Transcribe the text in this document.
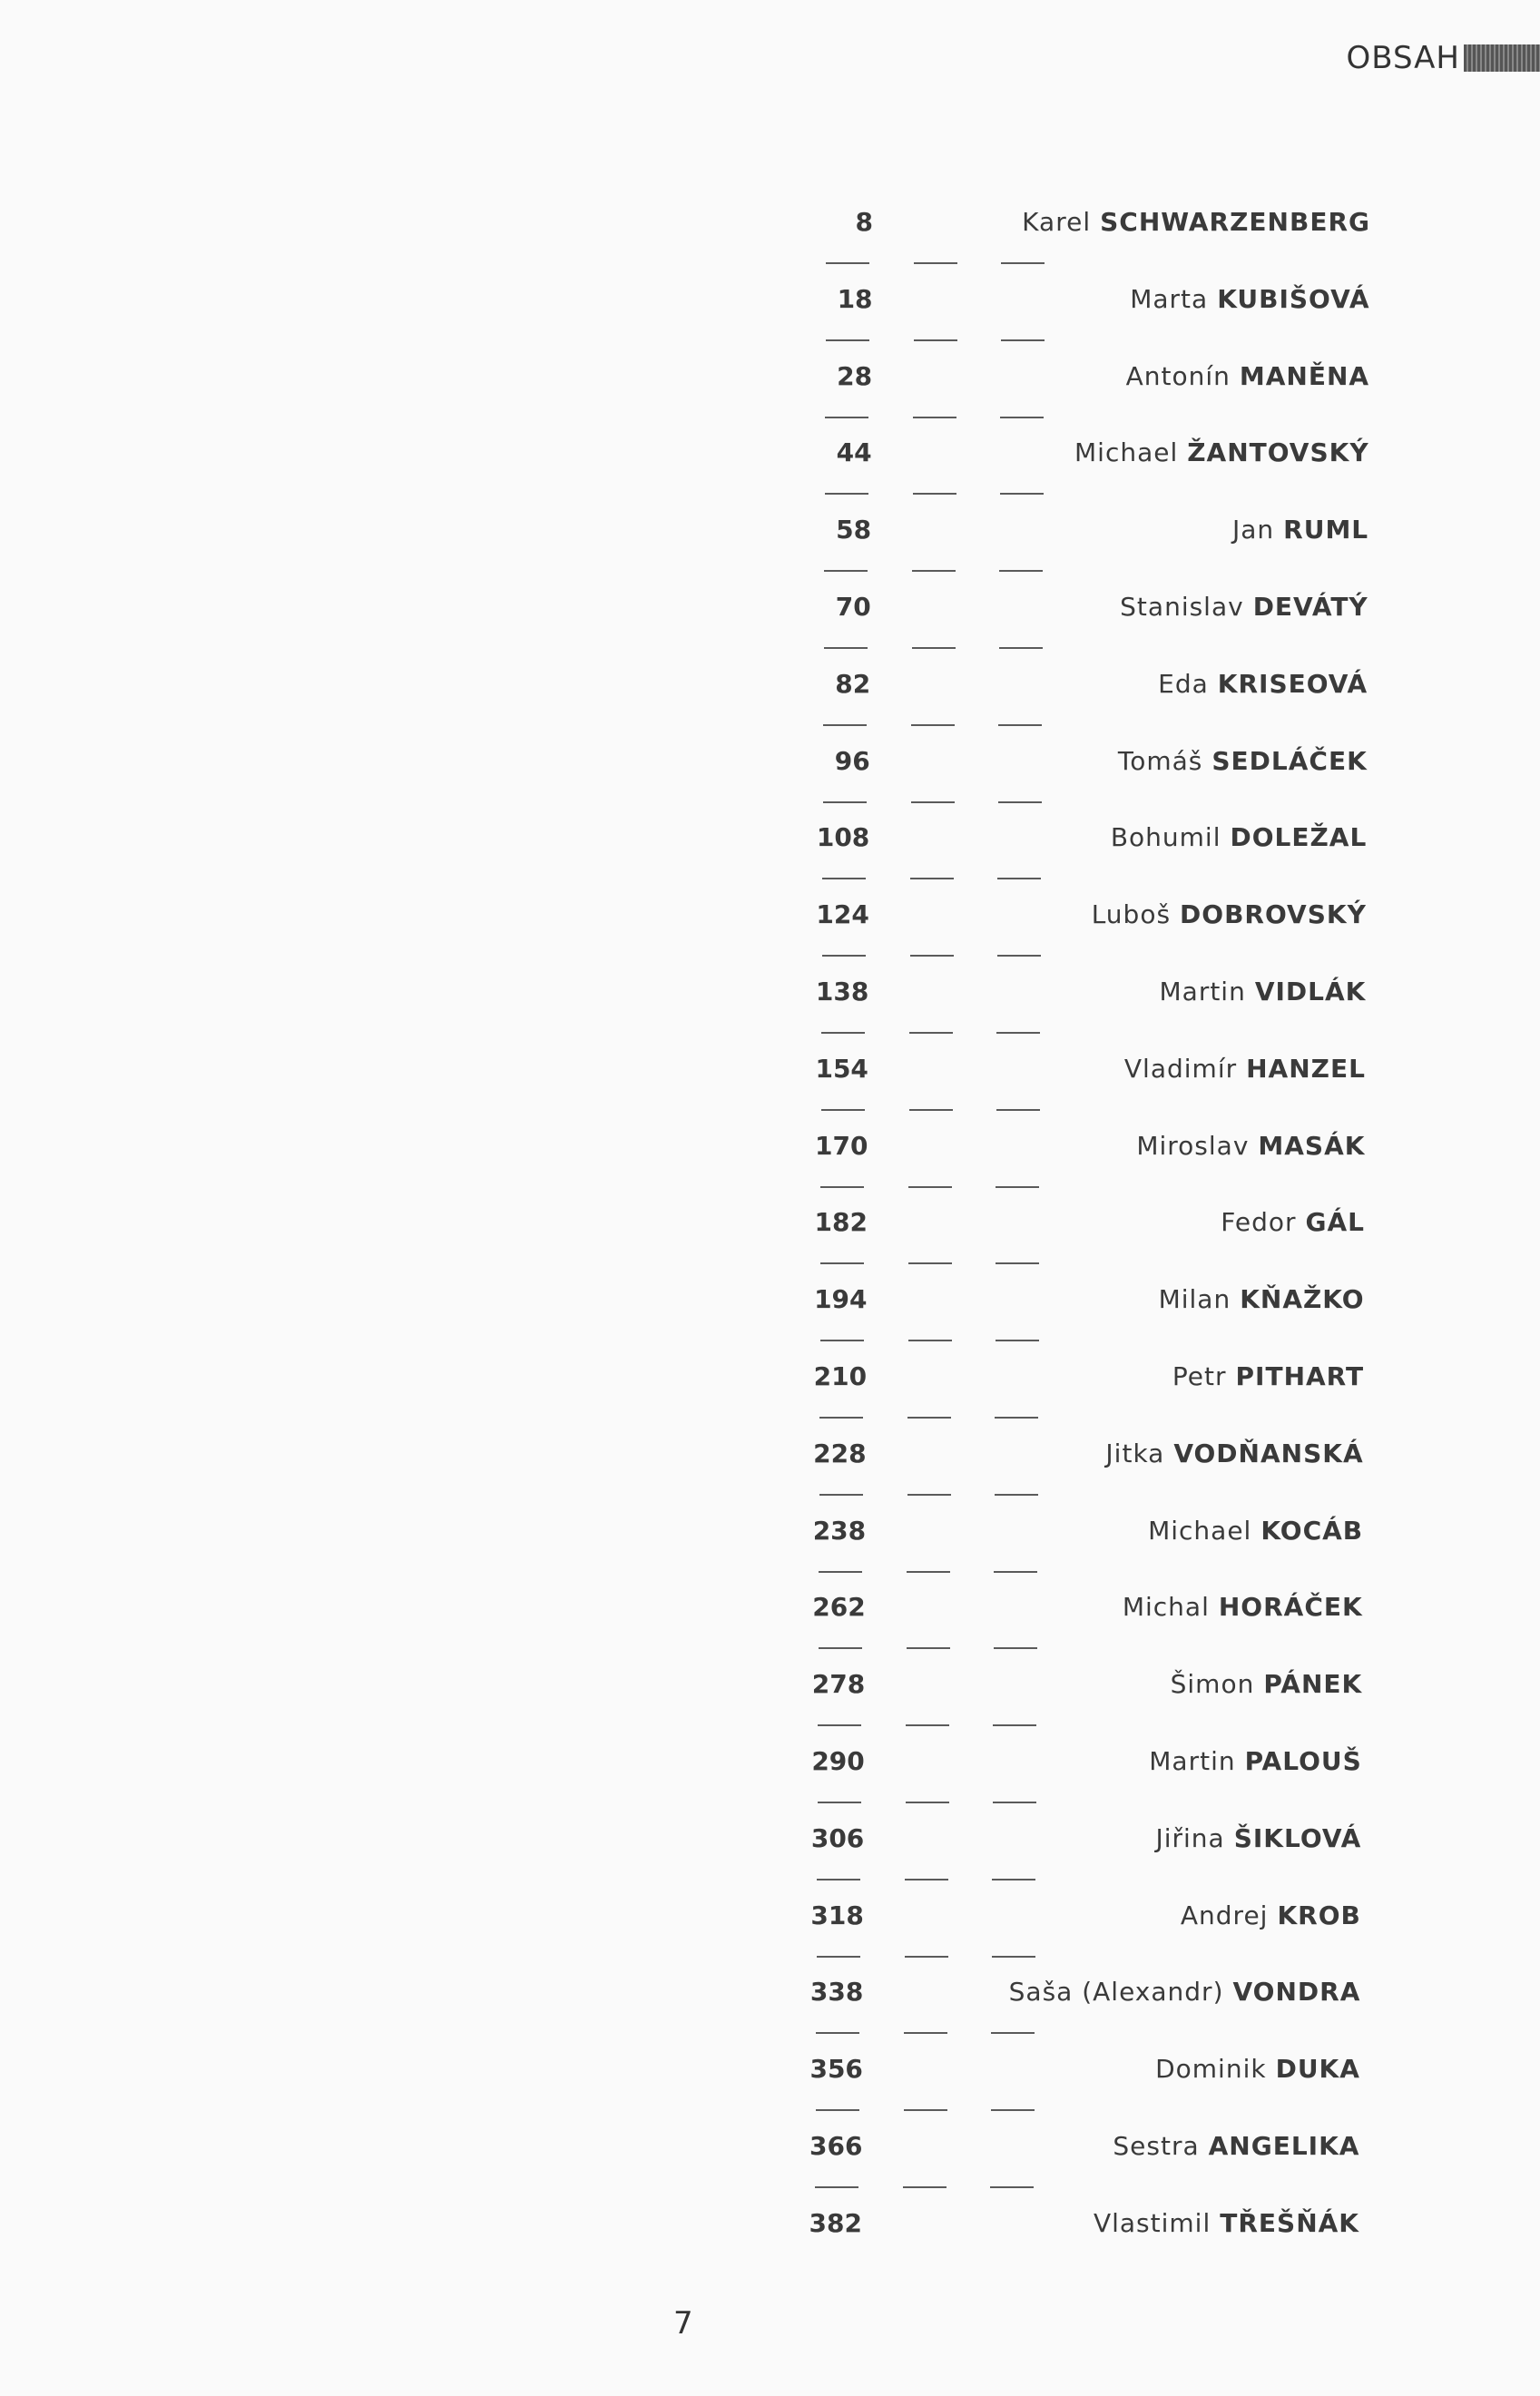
OBSAH
8	Karel SCHWARZENBERG
18	Marta KUBIŠOVÁ
28	Antonín MANĚNA
44	Michael ŽANTOVSKÝ
58	Jan RUML
70	Stanislav DEVÁTÝ
82	Eda KRISEOVÁ
96	Tomáš SEDLÁČEK
108	Bohumil DOLEŽAL
124	Luboš DOBROVSKÝ
138	Martin VIDLÁK
154	Vladimír HANZEL
170	Miroslav MASÁK
182	Fedor GÁL
194	Milan KŇAŽKO
210	Petr PITHART
228	Jitka VODŇANSKÁ
238	Michael KOCÁB
262	Michal HORÁČEK
278	Šimon PÁNEK
290	Martin PALOUŠ
306	Jiřina ŠIKLOVÁ
318	Andrej KROB
338	Saša (Alexandr) VONDRA
356	Dominik DUKA
366	Sestra ANGELIKA
382	Vlastimil TŘEŠŇÁK
7
